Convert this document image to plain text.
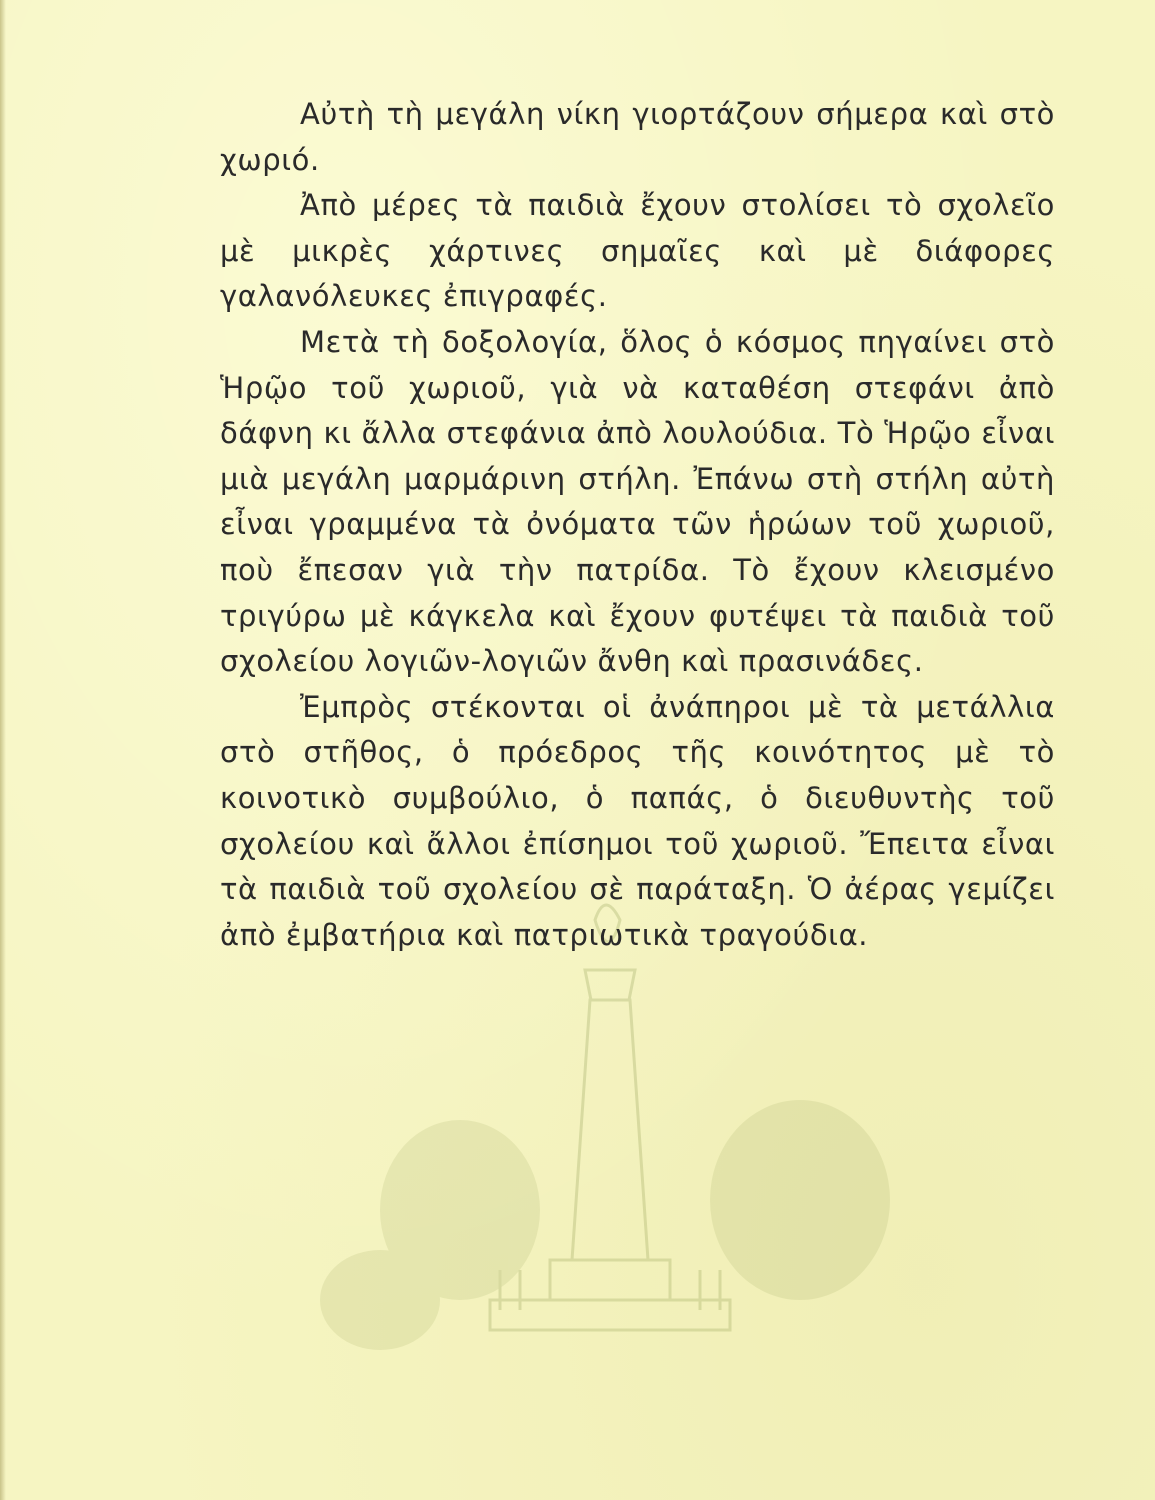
Αὐτὴ τὴ μεγάλη νίκη γιορτάζουν σήμερα καὶ στὸ χωριό.

Ἀπὸ μέρες τὰ παιδιὰ ἔχουν στολίσει τὸ σχολεῖο μὲ μικρὲς χάρτινες σημαῖες καὶ μὲ διάφορες γαλανόλευκες ἐπιγραφές.

Μετὰ τὴ δοξολογία, ὅλος ὁ κόσμος πηγαίνει στὸ Ἡρῷο τοῦ χωριοῦ, γιὰ νὰ καταθέση στεφάνι ἀπὸ δάφνη κι ἄλλα στεφάνια ἀπὸ λουλούδια. Τὸ Ἡρῷο εἶναι μιὰ μεγάλη μαρμάρινη στήλη. Ἐπάνω στὴ στήλη αὐτὴ εἶναι γραμμένα τὰ ὀνόματα τῶν ἡρώων τοῦ χωριοῦ, ποὺ ἔπεσαν γιὰ τὴν πατρίδα. Τὸ ἔχουν κλεισμένο τριγύρω μὲ κάγκελα καὶ ἔχουν φυτέψει τὰ παιδιὰ τοῦ σχολείου λογιῶν-λογιῶν ἄνθη καὶ πρασινάδες.

Ἐμπρὸς στέκονται οἱ ἀνάπηροι μὲ τὰ μετάλλια στὸ στῆθος, ὁ πρόεδρος τῆς κοινότητος μὲ τὸ κοινοτικὸ συμβούλιο, ὁ παπάς, ὁ διευθυντὴς τοῦ σχολείου καὶ ἄλλοι ἐπίσημοι τοῦ χωριοῦ. Ἔπειτα εἶναι τὰ παιδιὰ τοῦ σχολείου σὲ παράταξη. Ὁ ἀέρας γεμίζει ἀπὸ ἐμβατήρια καὶ πατριωτικὰ τραγούδια.
